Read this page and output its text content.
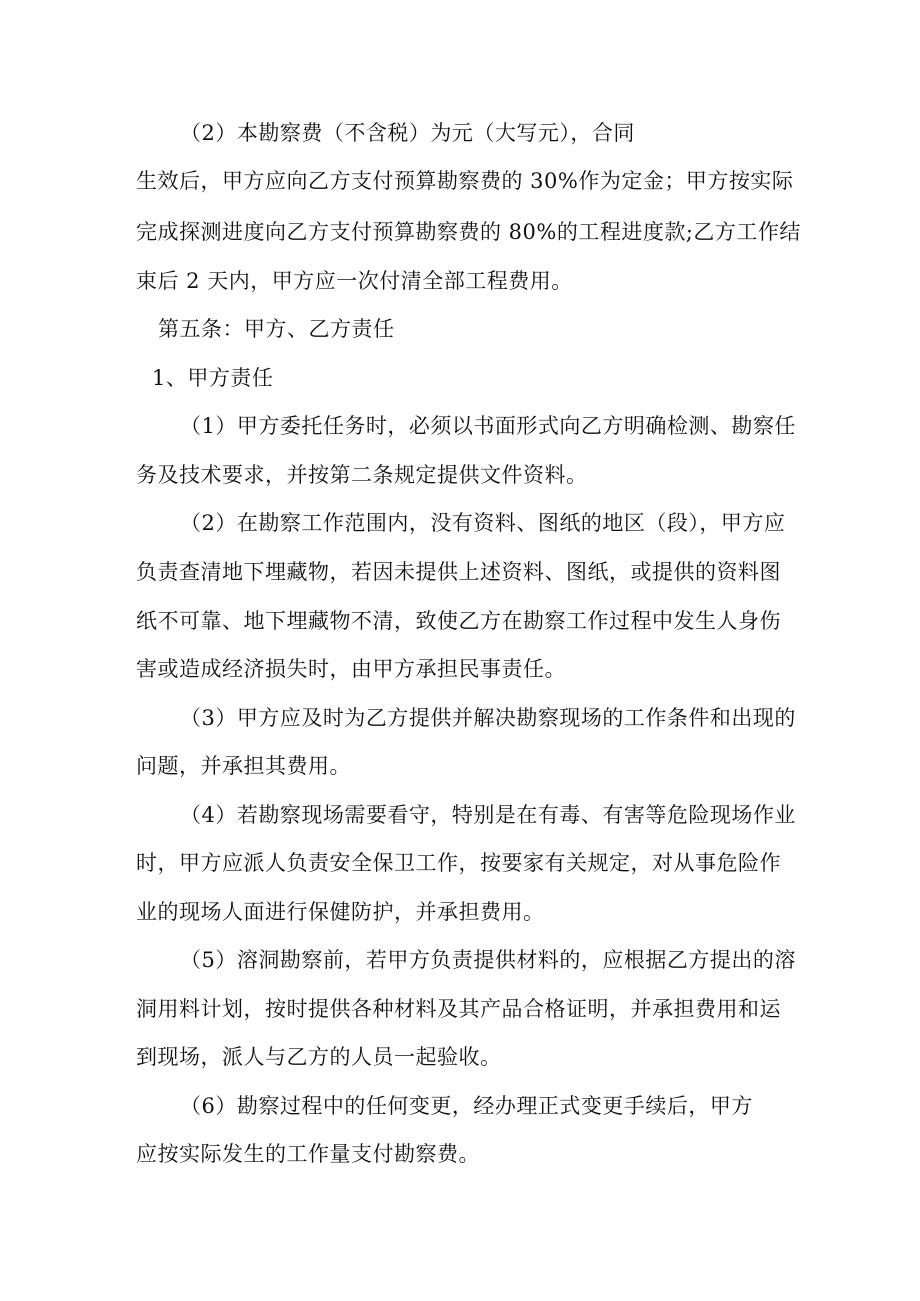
（2）本勘察费（不含税）为元（大写元），合同
生效后，甲方应向乙方支付预算勘察费的 30%作为定金；甲方按实际
完成探测进度向乙方支付预算勘察费的 80%的工程进度款;乙方工作结
束后 2 天内，甲方应一次付清全部工程费用。
第五条：甲方、乙方责任
1、甲方责任
（1）甲方委托任务时，必须以书面形式向乙方明确检测、勘察任
务及技术要求，并按第二条规定提供文件资料。
（2）在勘察工作范围内，没有资料、图纸的地区（段），甲方应
负责查清地下埋藏物，若因未提供上述资料、图纸，或提供的资料图
纸不可靠、地下埋藏物不清，致使乙方在勘察工作过程中发生人身伤
害或造成经济损失时，由甲方承担民事责任。
（3）甲方应及时为乙方提供并解决勘察现场的工作条件和出现的
问题，并承担其费用。
（4）若勘察现场需要看守，特别是在有毒、有害等危险现场作业
时，甲方应派人负责安全保卫工作，按要家有关规定，对从事危险作
业的现场人面进行保健防护，并承担费用。
（5）溶洞勘察前，若甲方负责提供材料的，应根据乙方提出的溶
洞用料计划，按时提供各种材料及其产品合格证明，并承担费用和运
到现场，派人与乙方的人员一起验收。
（6）勘察过程中的任何变更，经办理正式变更手续后，甲方
应按实际发生的工作量支付勘察费。
